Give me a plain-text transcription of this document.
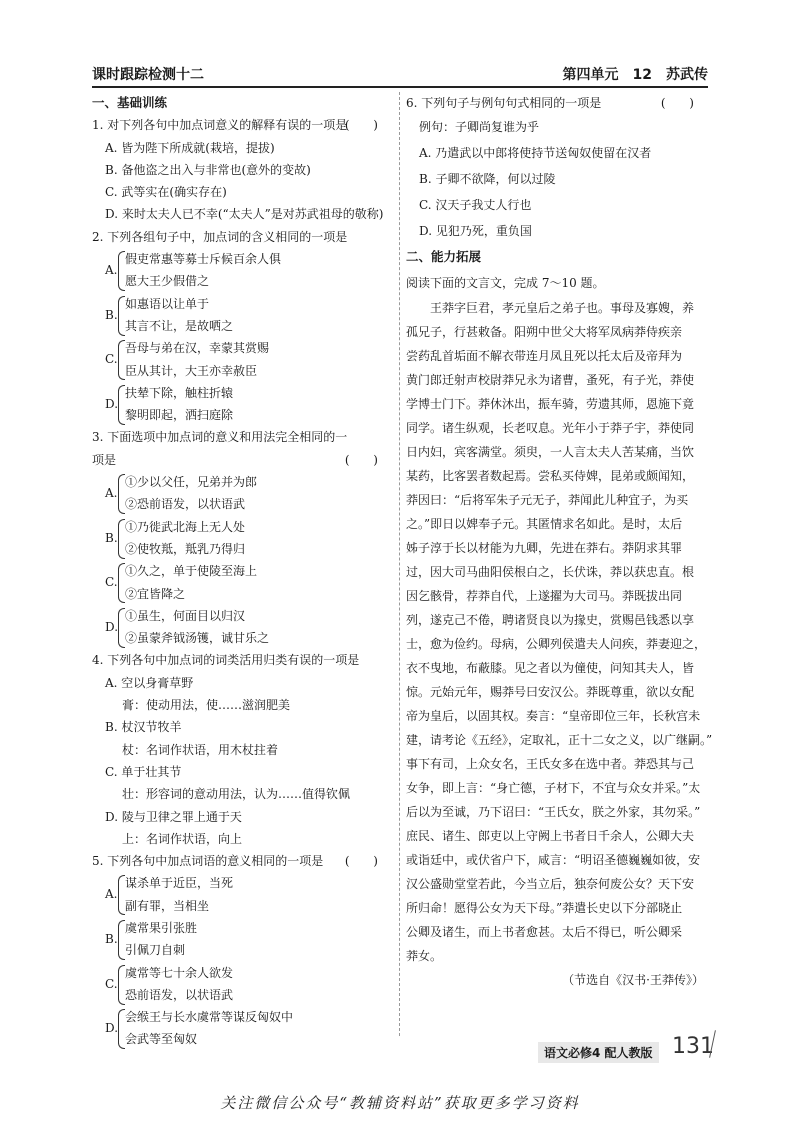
课时跟踪检测十二	第四单元　12　苏武传
一、基础训练
1. 对下列各句中加点词意义的解释有误的一项是
( )
A. 皆为陛下所成就(栽培，提拔)
B. 备他盗之出入与非常也(意外的变故)
C. 武等实在(确实存在)
D. 来时太夫人已不幸(“太夫人”是对苏武祖母的敬称)
2. 下列各组句子中，加点词的含义相同的一项是
A.
假吏常惠等募士斥候百余人俱
愿大王少假借之
B.
如惠语以让单于
其言不让，是故哂之
C.
吾母与弟在汉，幸蒙其赏赐
臣从其计，大王亦幸赦臣
D.
扶辇下除，触柱折辕
黎明即起，洒扫庭除
3. 下面选项中加点词的意义和用法完全相同的一
项是	( )
A.
①少以父任，兄弟并为郎
②恐前语发，以状语武
B.
①乃徙武北海上无人处
②使牧羝，羝乳乃得归
C.
①久之，单于使陵至海上
②宜皆降之
D.
①虽生，何面目以归汉
②虽蒙斧钺汤镬，诚甘乐之
4. 下列各句中加点词的词类活用归类有误的一项是
A. 空以身膏草野
膏：使动用法，使……滋润肥美
B. 杖汉节牧羊
杖：名词作状语，用木杖拄着
C. 单于壮其节
壮：形容词的意动用法，认为……值得钦佩
D. 陵与卫律之罪上通于天
上：名词作状语，向上
5. 下列各句中加点词语的意义相同的一项是 ( )
A.
谋杀单于近臣，当死
副有罪，当相坐
B.
虞常果引张胜
引佩刀自刺
C.
虞常等七十余人欲发
恐前语发，以状语武
D.
会缑王与长水虞常等谋反匈奴中
会武等至匈奴
6. 下列句子与例句句式相同的一项是	( )
例句：子卿尚复谁为乎
A. 乃遣武以中郎将使持节送匈奴使留在汉者
B. 子卿不欲降，何以过陵
C. 汉天子我丈人行也
D. 见犯乃死，重负国
二、能力拓展
阅读下面的文言文，完成 7～10 题。
王莽字巨君，孝元皇后之弟子也。事母及寡嫂，养
孤兄子，行甚敕备。阳朔中世父大将军凤病莽侍疾亲
尝药乱首垢面不解衣带连月凤且死以托太后及帝拜为
黄门郎迁射声校尉莽兄永为诸曹，蚤死，有子光，莽使
学博士门下。莽休沐出，振车骑，劳遗其师，恩施下竟
同学。诸生纵观，长老叹息。光年小于莽子宇，莽使同
日内妇，宾客满堂。须臾，一人言太夫人苦某痛，当饮
某药，比客罢者数起焉。尝私买侍婢，昆弟或颇闻知，
莽因曰：“后将军朱子元无子，莽闻此儿种宜子，为买
之。”即日以婢奉子元。其匿情求名如此。是时，太后
姊子淳于长以材能为九卿，先进在莽右。莽阴求其罪
过，因大司马曲阳侯根白之，长伏诛，莽以获忠直。根
因乞骸骨，荐莽自代，上遂擢为大司马。莽既拔出同
列，遂克己不倦，聘诸贤良以为掾史，赏赐邑钱悉以享
士，愈为俭约。母病，公卿列侯遣夫人问疾，莽妻迎之，
衣不曳地，布蔽膝。见之者以为僮使，问知其夫人，皆
惊。元始元年，赐莽号曰安汉公。莽既尊重，欲以女配
帝为皇后，以固其权。奏言：“皇帝即位三年，长秋宫未
建，请考论《五经》，定取礼，正十二女之义，以广继嗣。”
事下有司，上众女名，王氏女多在选中者。莽恐其与己
女争，即上言：“身亡德，子材下，不宜与众女并采。”太
后以为至诚，乃下诏曰：“王氏女，朕之外家，其勿采。”
庶民、诸生、郎吏以上守阙上书者日千余人，公卿大夫
或诣廷中，或伏省户下，咸言：“明诏圣德巍巍如彼，安
汉公盛勋堂堂若此，今当立后，独奈何废公女？天下安
所归命！愿得公女为天下母。”莽遣长史以下分部晓止
公卿及诸生，而上书者愈甚。太后不得已，听公卿采
莽女。
（节选自《汉书·王莽传》）
语文必修4 配人教版 131
关注微信公众号“教辅资料站”获取更多学习资料
